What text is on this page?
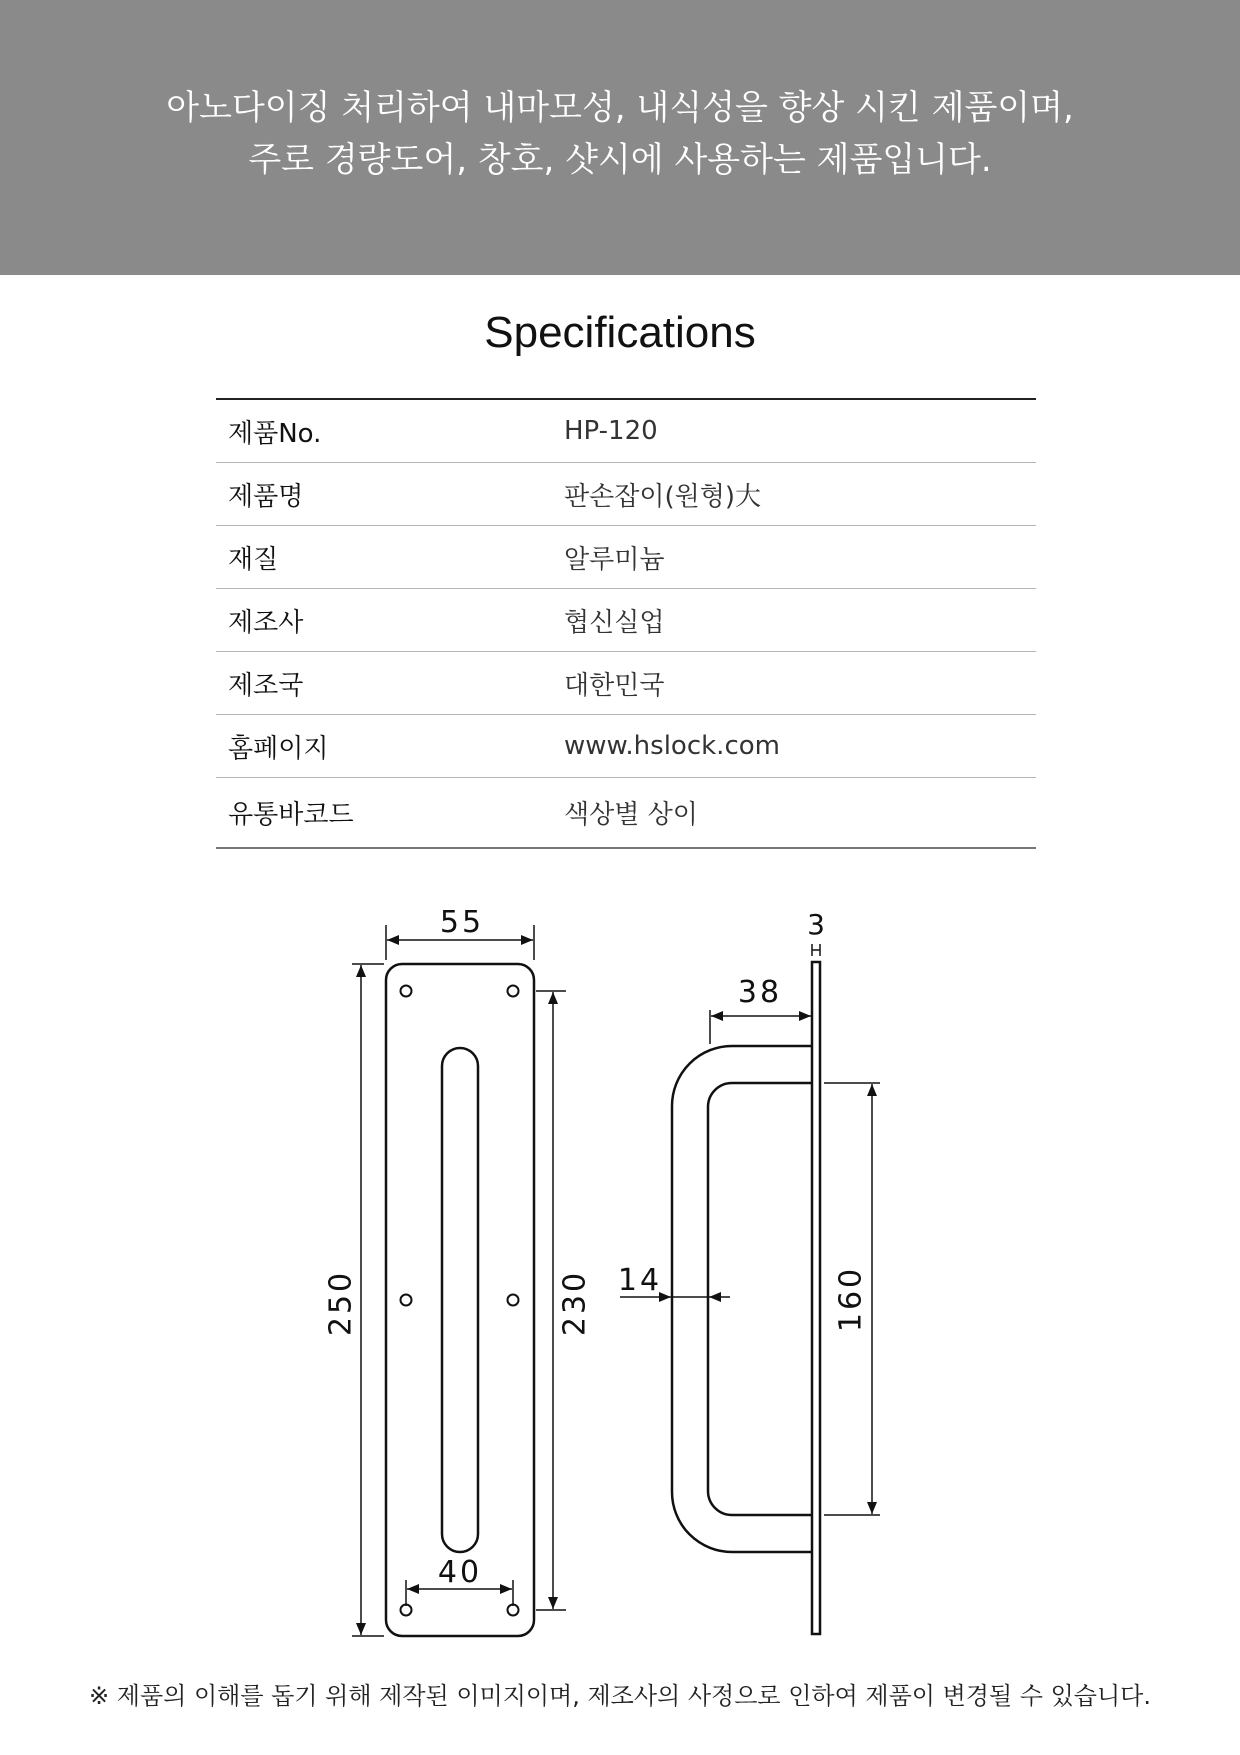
아노다이징 처리하여 내마모성, 내식성을 향상 시킨 제품이며,
주로 경량도어, 창호, 샷시에 사용하는 제품입니다.
Specifications
제품No.	HP-120
제품명	판손잡이(원형)大
재질	알루미늄
제조사	협신실업
제조국	대한민국
홈페이지	www.hslock.com
유통바코드	색상별 상이
55
40
250	230
3
38
14	160
※ 제품의 이해를 돕기 위해 제작된 이미지이며, 제조사의 사정으로 인하여 제품이 변경될 수 있습니다.
